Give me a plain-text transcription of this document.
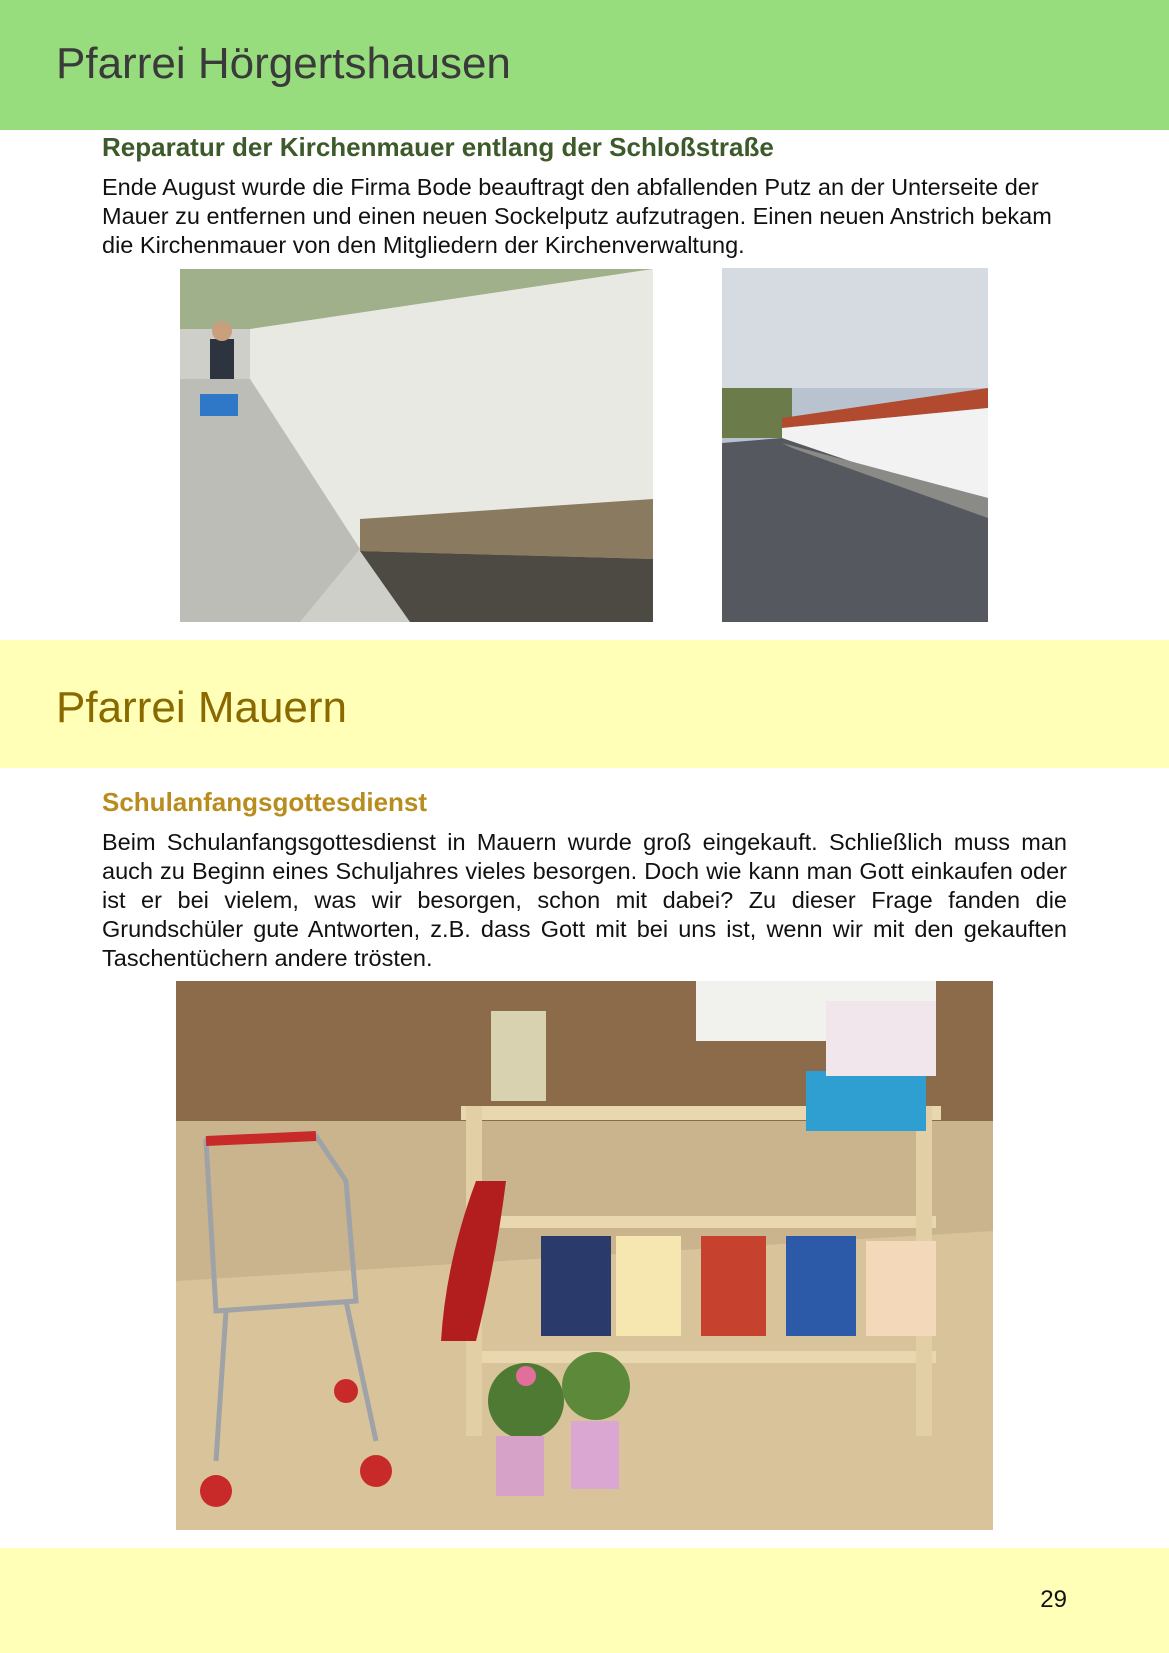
Pfarrei Hörgertshausen
Reparatur der Kirchenmauer entlang der Schloßstraße

Ende August wurde die Firma Bode beauftragt den abfallenden Putz an der Unterseite der Mauer zu entfernen und einen neuen Sockelputz aufzutragen. Einen neuen Anstrich bekam die Kirchenmauer von den Mitgliedern der Kirchenverwaltung.

Pfarrei Mauern
Schulanfangsgottesdienst

Beim Schulanfangsgottesdienst in Mauern wurde groß eingekauft. Schließlich muss man auch zu Beginn eines Schuljahres vieles besorgen. Doch wie kann man Gott einkaufen oder ist er bei vielem, was wir besorgen, schon mit dabei? Zu dieser Frage fanden die Grundschüler gute Antworten, z.B. dass Gott mit bei uns ist, wenn wir mit den gekauften Taschentüchern andere trösten.

29
